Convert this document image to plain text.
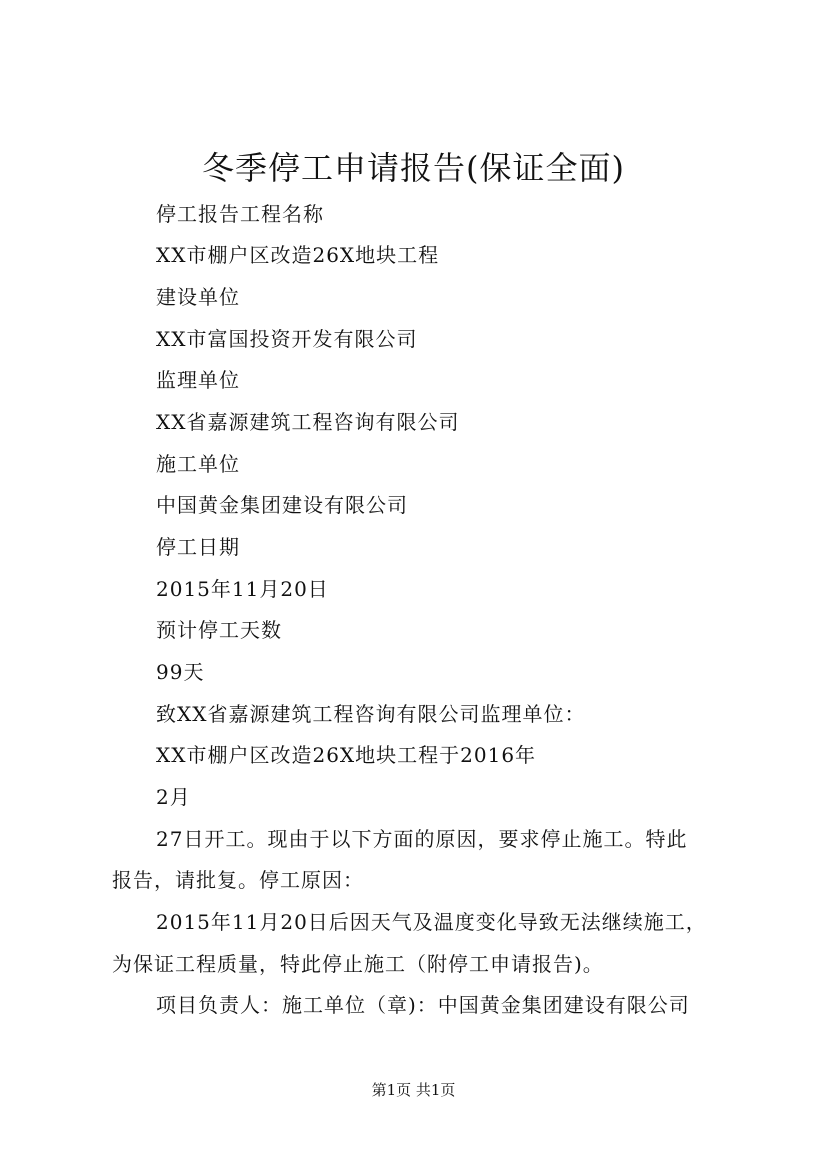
冬季停工申请报告(保证全面)
停工报告工程名称
XX市棚户区改造26X地块工程
建设单位
XX市富国投资开发有限公司
监理单位
XX省嘉源建筑工程咨询有限公司
施工单位
中国黄金集团建设有限公司
停工日期
2015年11月20日
预计停工天数
99天
致XX省嘉源建筑工程咨询有限公司监理单位：
XX市棚户区改造26X地块工程于2016年
2月
27日开工。现由于以下方面的原因，要求停止施工。特此
报告，请批复。停工原因：
2015年11月20日后因天气及温度变化导致无法继续施工，
为保证工程质量，特此停止施工（附停工申请报告)。
项目负责人：施工单位（章)：中国黄金集团建设有限公司
第1页 共1页
